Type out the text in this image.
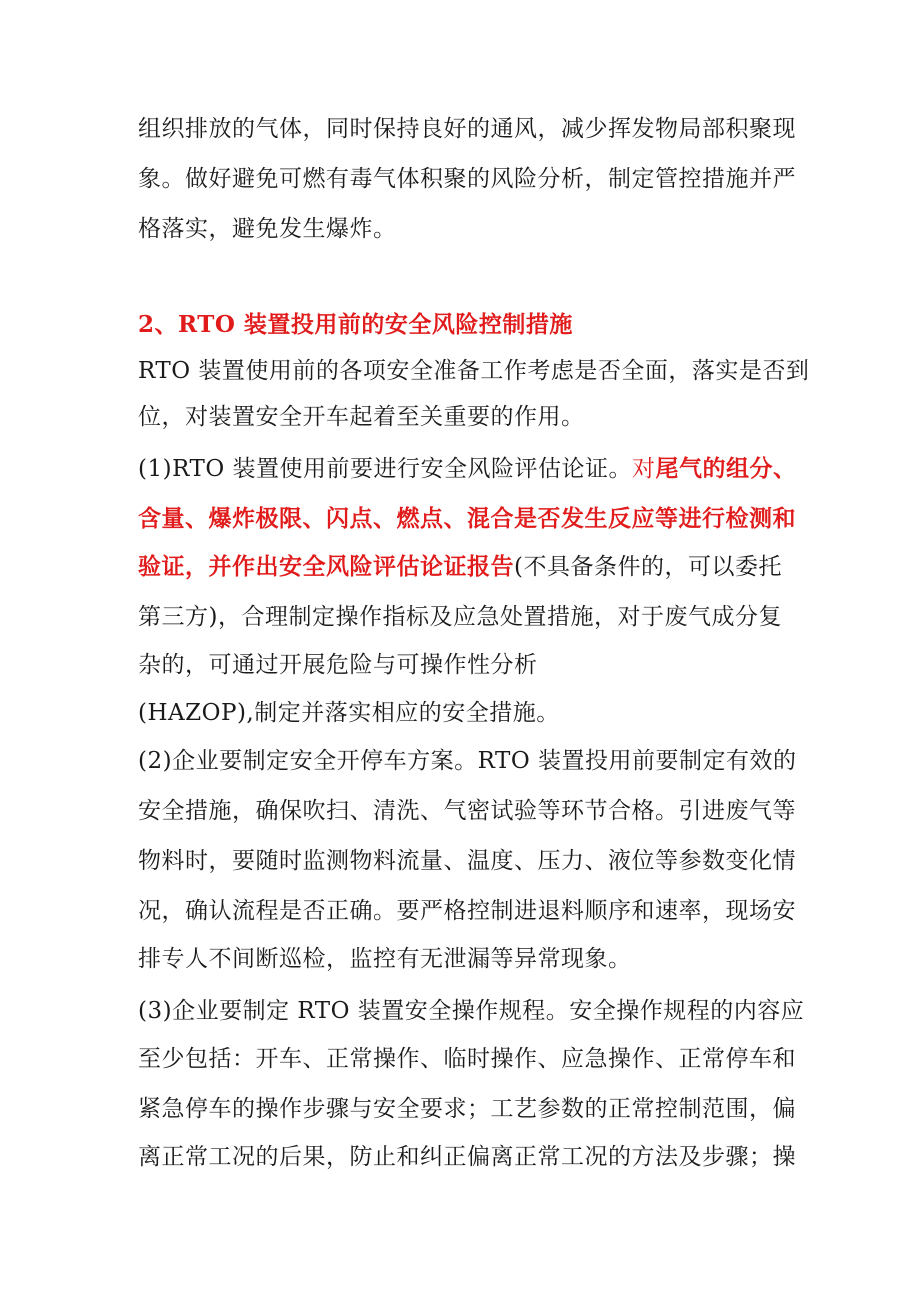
组织排放的气体，同时保持良好的通风，减少挥发物局部积聚现
象。做好避免可燃有毒气体积聚的风险分析，制定管控措施并严
格落实，避免发生爆炸。
2、RTO 装置投用前的安全风险控制措施
RTO 装置使用前的各项安全准备工作考虑是否全面，落实是否到
位，对装置安全开车起着至关重要的作用。
(1)RTO 装置使用前要进行安全风险评估论证。对尾气的组分、
含量、爆炸极限、闪点、燃点、混合是否发生反应等进行检测和
验证，并作出安全风险评估论证报告(不具备条件的，可以委托
第三方)，合理制定操作指标及应急处置措施，对于废气成分复
杂的，可通过开展危险与可操作性分析
(HAZOP),制定并落实相应的安全措施。
(2)企业要制定安全开停车方案。RTO 装置投用前要制定有效的
安全措施，确保吹扫、清洗、气密试验等环节合格。引进废气等
物料时，要随时监测物料流量、温度、压力、液位等参数变化情
况，确认流程是否正确。要严格控制进退料顺序和速率，现场安
排专人不间断巡检，监控有无泄漏等异常现象。
(3)企业要制定 RTO 装置安全操作规程。安全操作规程的内容应
至少包括：开车、正常操作、临时操作、应急操作、正常停车和
紧急停车的操作步骤与安全要求；工艺参数的正常控制范围，偏
离正常工况的后果，防止和纠正偏离正常工况的方法及步骤；操
